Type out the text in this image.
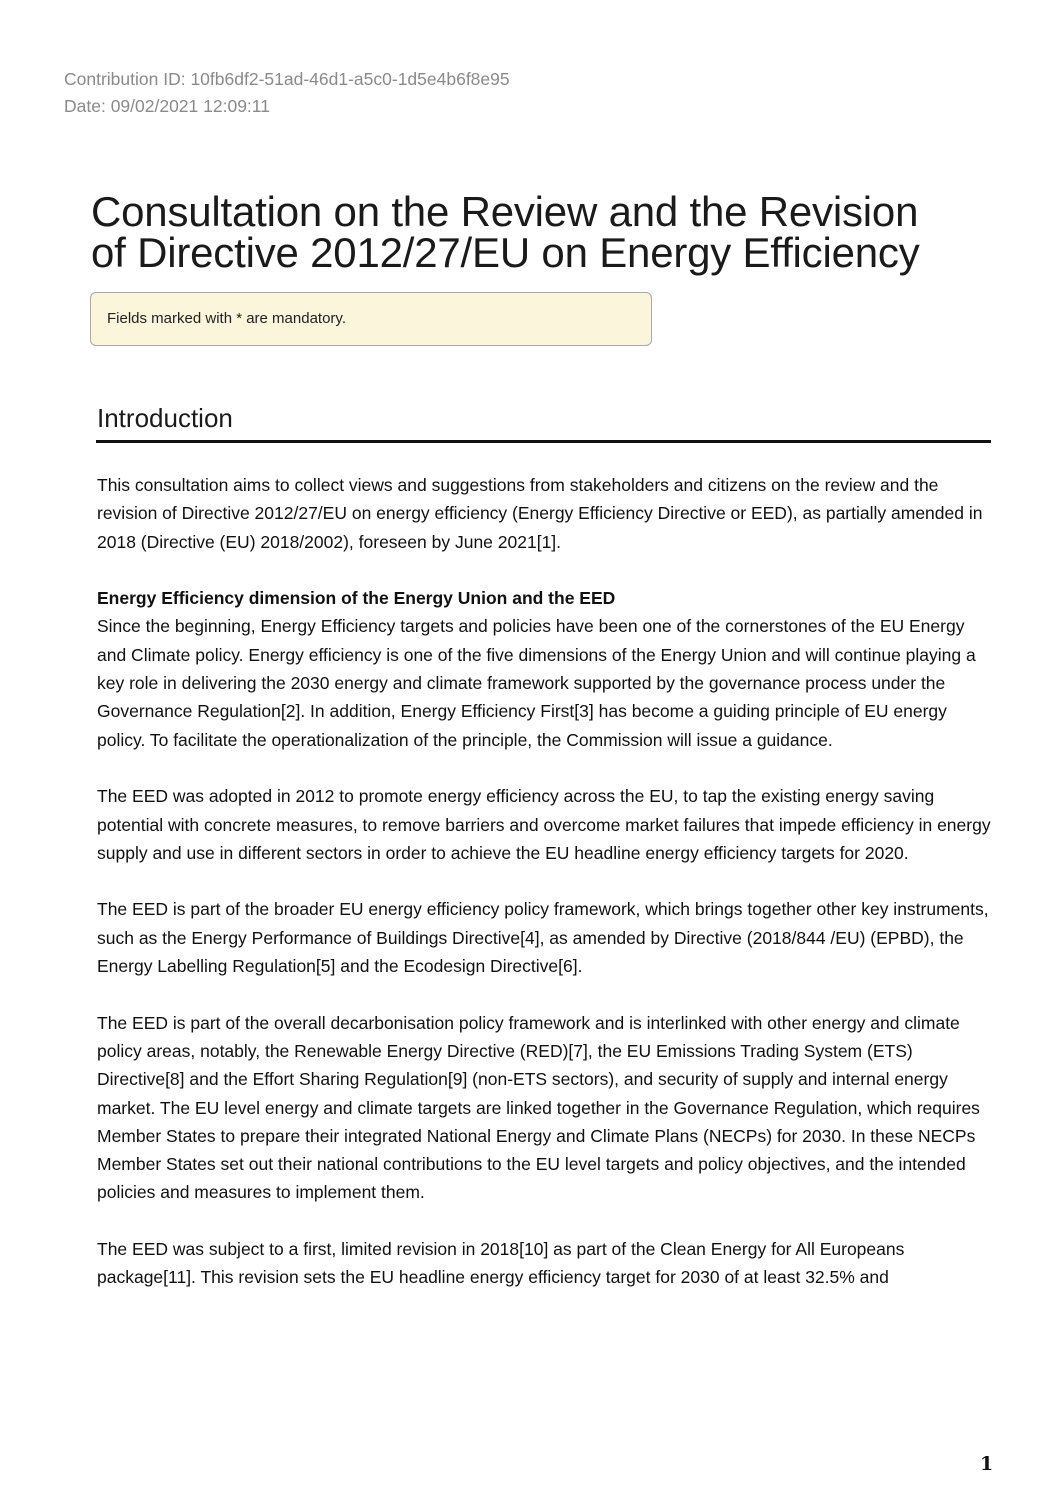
Contribution ID: 10fb6df2-51ad-46d1-a5c0-1d5e4b6f8e95
Date: 09/02/2021 12:09:11
Consultation on the Review and the Revision
of Directive 2012/27/EU on Energy Efficiency
Fields marked with * are mandatory.
Introduction

This consultation aims to collect views and suggestions from stakeholders and citizens on the review and the revision of Directive 2012/27/EU on energy efficiency (Energy Efficiency Directive or EED), as partially amended in 2018 (Directive (EU) 2018/2002), foreseen by June 2021[1].

Energy Efficiency dimension of the Energy Union and the EED

Since the beginning, Energy Efficiency targets and policies have been one of the cornerstones of the EU Energy and Climate policy. Energy efficiency is one of the five dimensions of the Energy Union and will continue playing a key role in delivering the 2030 energy and climate framework supported by the governance process under the Governance Regulation[2]. In addition, Energy Efficiency First[3] has become a guiding principle of EU energy policy. To facilitate the operationalization of the principle, the Commission will issue a guidance.

The EED was adopted in 2012 to promote energy efficiency across the EU, to tap the existing energy saving potential with concrete measures, to remove barriers and overcome market failures that impede efficiency in energy supply and use in different sectors in order to achieve the EU headline energy efficiency targets for 2020.

The EED is part of the broader EU energy efficiency policy framework, which brings together other key instruments, such as the Energy Performance of Buildings Directive[4], as amended by Directive (2018/844 /EU) (EPBD), the Energy Labelling Regulation[5] and the Ecodesign Directive[6].

The EED is part of the overall decarbonisation policy framework and is interlinked with other energy and climate policy areas, notably, the Renewable Energy Directive (RED)[7], the EU Emissions Trading System (ETS) Directive[8] and the Effort Sharing Regulation[9] (non-ETS sectors), and security of supply and internal energy market. The EU level energy and climate targets are linked together in the Governance Regulation, which requires Member States to prepare their integrated National Energy and Climate Plans (NECPs) for 2030. In these NECPs Member States set out their national contributions to the EU level targets and policy objectives, and the intended policies and measures to implement them.

The EED was subject to a first, limited revision in 2018[10] as part of the Clean Energy for All Europeans package[11]. This revision sets the EU headline energy efficiency target for 2030 of at least 32.5% and

1
